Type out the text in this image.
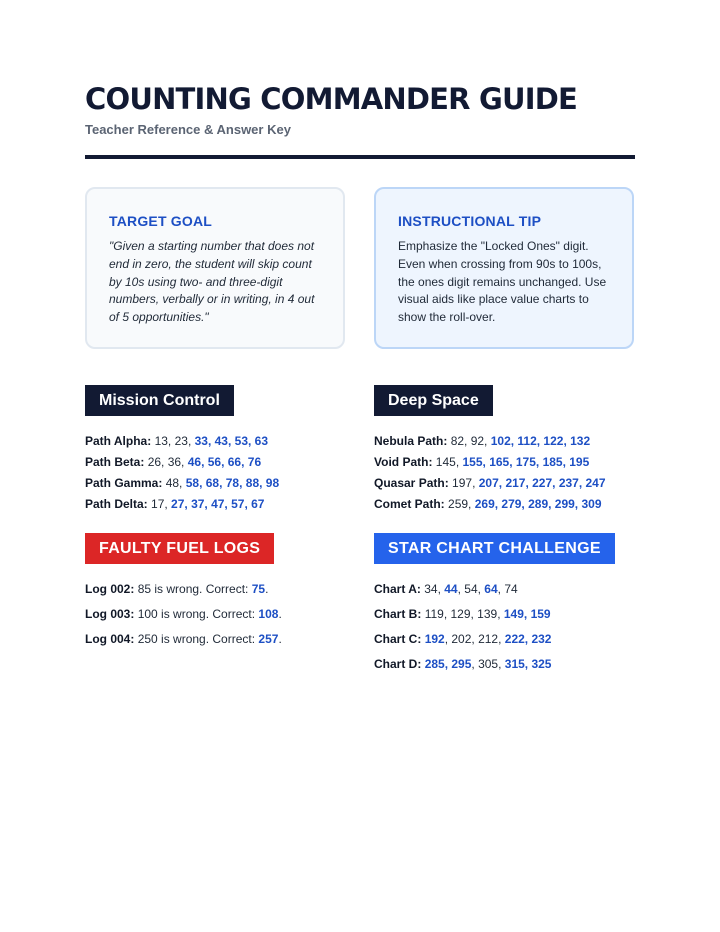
COUNTING COMMANDER GUIDE
Teacher Reference & Answer Key
TARGET GOAL
"Given a starting number that does not end in zero, the student will skip count by 10s using two- and three-digit numbers, verbally or in writing, in 4 out of 5 opportunities."
INSTRUCTIONAL TIP
Emphasize the "Locked Ones" digit. Even when crossing from 90s to 100s, the ones digit remains unchanged. Use visual aids like place value charts to show the roll-over.
Mission Control
Path Alpha: 13, 23, 33, 43, 53, 63
Path Beta: 26, 36, 46, 56, 66, 76
Path Gamma: 48, 58, 68, 78, 88, 98
Path Delta: 17, 27, 37, 47, 57, 67
Deep Space
Nebula Path: 82, 92, 102, 112, 122, 132
Void Path: 145, 155, 165, 175, 185, 195
Quasar Path: 197, 207, 217, 227, 237, 247
Comet Path: 259, 269, 279, 289, 299, 309
FAULTY FUEL LOGS
Log 002: 85 is wrong. Correct: 75.
Log 003: 100 is wrong. Correct: 108.
Log 004: 250 is wrong. Correct: 257.
STAR CHART CHALLENGE
Chart A: 34, 44, 54, 64, 74
Chart B: 119, 129, 139, 149, 159
Chart C: 192, 202, 212, 222, 232
Chart D: 285, 295, 305, 315, 325
